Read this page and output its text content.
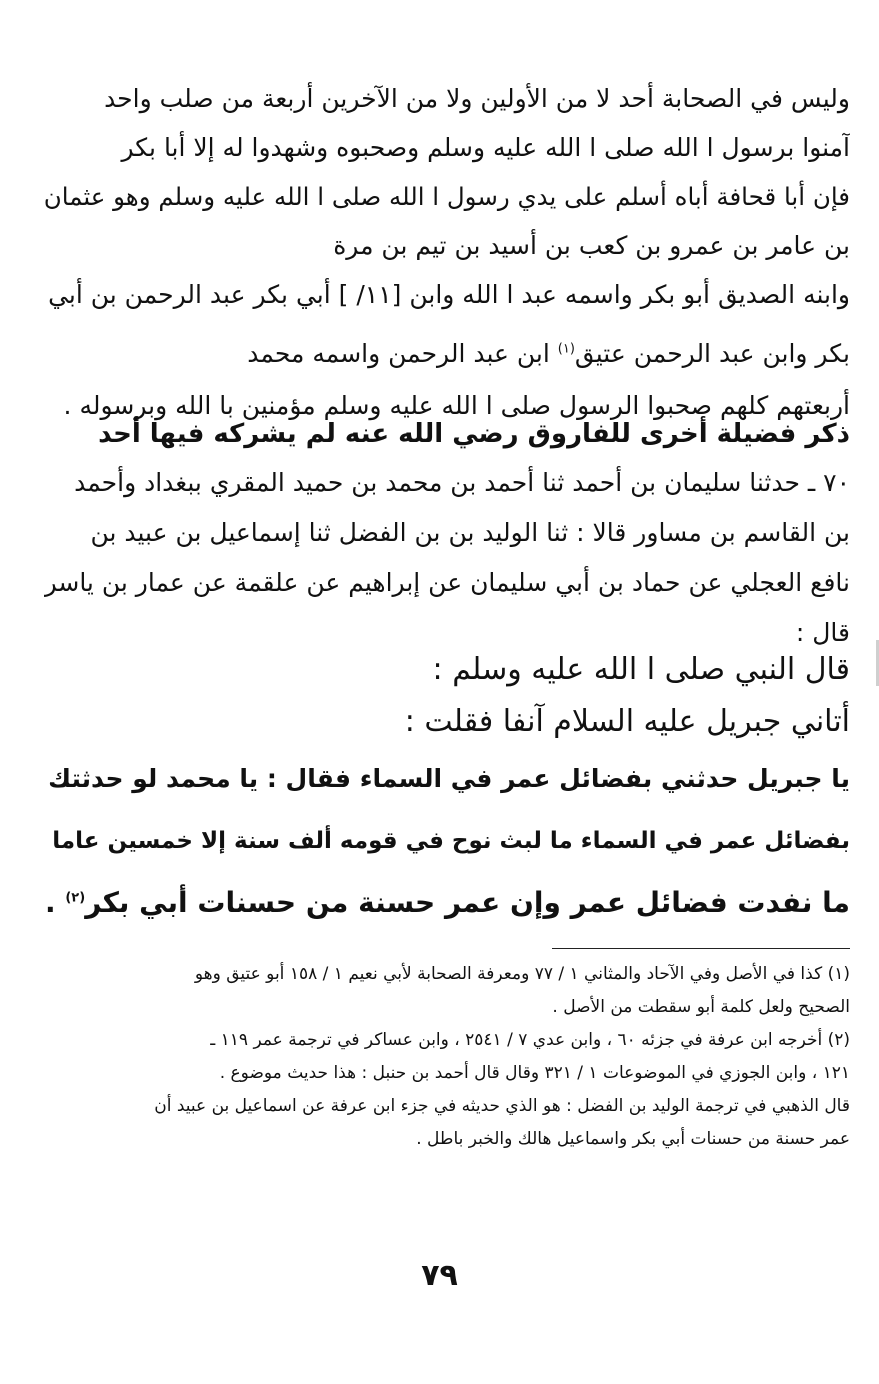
وليس في الصحابة أحد لا من الأولين ولا من الآخرين أربعة من صلب واحد
آمنوا برسول ا الله صلى ا الله عليه وسلم وصحبوه وشهدوا له إلا أبا بكر
فإن أبا قحافة أباه أسلم على يدي رسول ا الله صلى ا الله عليه وسلم وهو عثمان
بن عامر بن عمرو بن كعب بن أسيد بن تيم بن مرة
وابنه الصديق أبو بكر واسمه عبد ا الله وابن [١١/ ] أبي بكر عبد الرحمن بن أبي
بكر وابن عبد الرحمن عتيق$^{(١)}$ ابن عبد الرحمن واسمه محمد
أربعتهم كلهم صحبوا الرسول صلى ا الله عليه وسلم مؤمنين با الله وبرسوله .
ذكر فضيلة أخرى للفاروق رضي الله عنه لم يشركه فيها أحد
٧٠ ـ حدثنا سليمان بن أحمد ثنا أحمد بن محمد بن حميد المقري ببغداد وأحمد
بن القاسم بن مساور قالا : ثنا الوليد بن بن الفضل ثنا إسماعيل بن عبيد بن
نافع العجلي عن حماد بن أبي سليمان عن إبراهيم عن علقمة عن عمار بن ياسر
قال :
قال النبي صلى ا الله عليه وسلم :
أتاني جبريل عليه السلام آنفا فقلت :
يا جبريل حدثني بفضائل عمر في السماء فقال : يا محمد لو حدثتك
بفضائل عمر في السماء ما لبث نوح في قومه ألف سنة إلا خمسين عاما
ما نفدت فضائل عمر وإن عمر حسنة من حسنات أبي بكر$^{(٢)}$ .
(١) كذا في الأصل وفي الآحاد والمثاني ١ / ٧٧ ومعرفة الصحابة لأبي نعيم ١ / ١٥٨ أبو عتيق وهو
الصحيح ولعل كلمة أبو سقطت من الأصل .
(٢) أخرجه ابن عرفة في جزئه ٦٠ ، وابن عدي ٧ / ٢٥٤١ ، وابن عساكر في ترجمة عمر ١١٩ ـ
١٢١ ، وابن الجوزي في الموضوعات ١ / ٣٢١ وقال قال أحمد بن حنبل : هذا حديث موضوع .
قال الذهبي في ترجمة الوليد بن الفضل : هو الذي حديثه في جزء ابن عرفة عن اسماعيل بن عبيد أن
عمر حسنة من حسنات أبي بكر واسماعيل هالك والخبر باطل .
٧٩
